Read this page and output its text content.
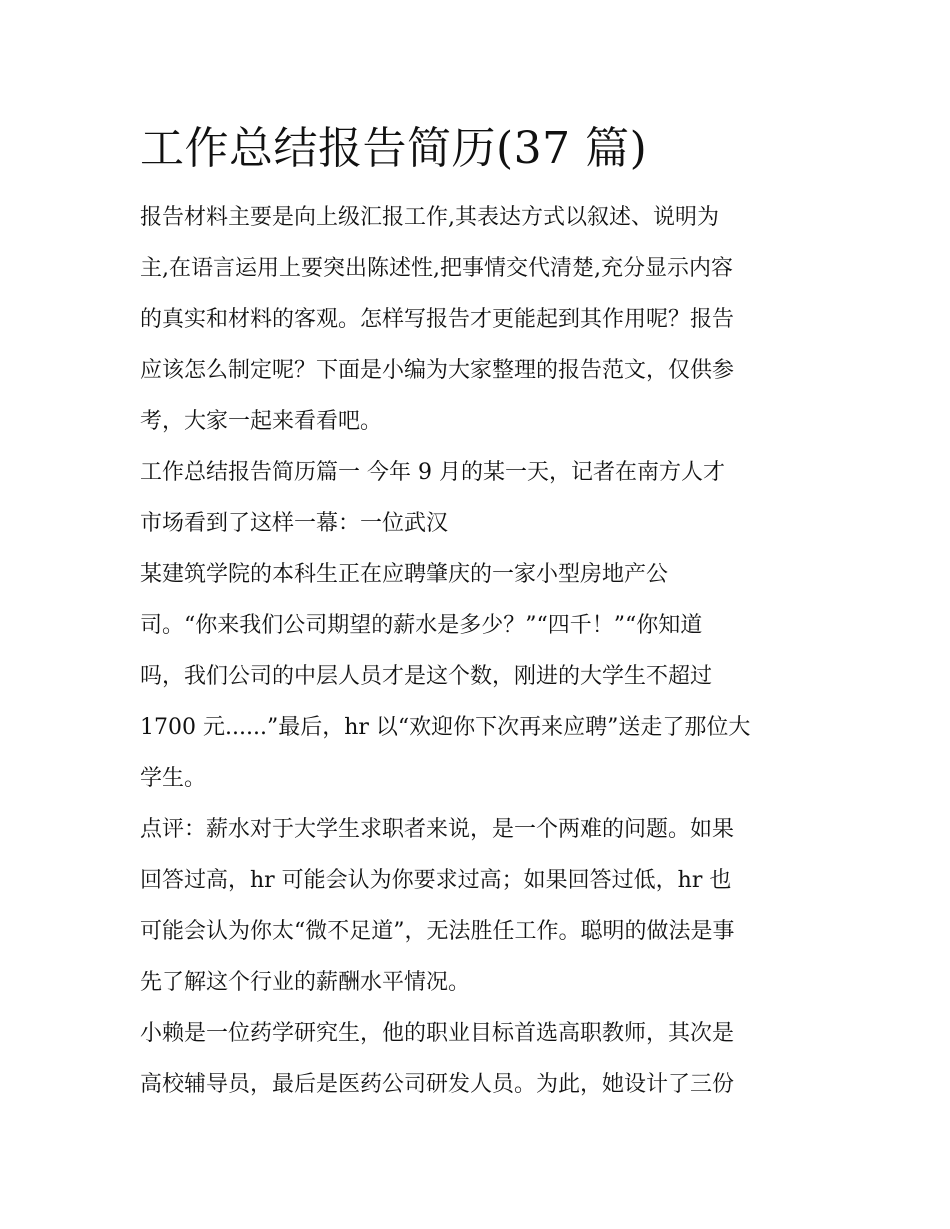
工作总结报告简历(37 篇)

报告材料主要是向上级汇报工作,其表达方式以叙述、说明为
主,在语言运用上要突出陈述性,把事情交代清楚,充分显示内容
的真实和材料的客观。怎样写报告才更能起到其作用呢？报告
应该怎么制定呢？下面是小编为大家整理的报告范文，仅供参
考，大家一起来看看吧。

工作总结报告简历篇一 今年 9 月的某一天，记者在南方人才
市场看到了这样一幕：一位武汉

某建筑学院的本科生正在应聘肇庆的一家小型房地产公
司。“你来我们公司期望的薪水是多少？”“四千！”“你知道
吗，我们公司的中层人员才是这个数，刚进的大学生不超过
1700 元......”最后，hr 以“欢迎你下次再来应聘”送走了那位大
学生。

点评：薪水对于大学生求职者来说，是一个两难的问题。如果
回答过高，hr 可能会认为你要求过高；如果回答过低，hr 也
可能会认为你太“微不足道”，无法胜任工作。聪明的做法是事
先了解这个行业的薪酬水平情况。

小赖是一位药学研究生，他的职业目标首选高职教师，其次是
高校辅导员，最后是医药公司研发人员。为此，她设计了三份
